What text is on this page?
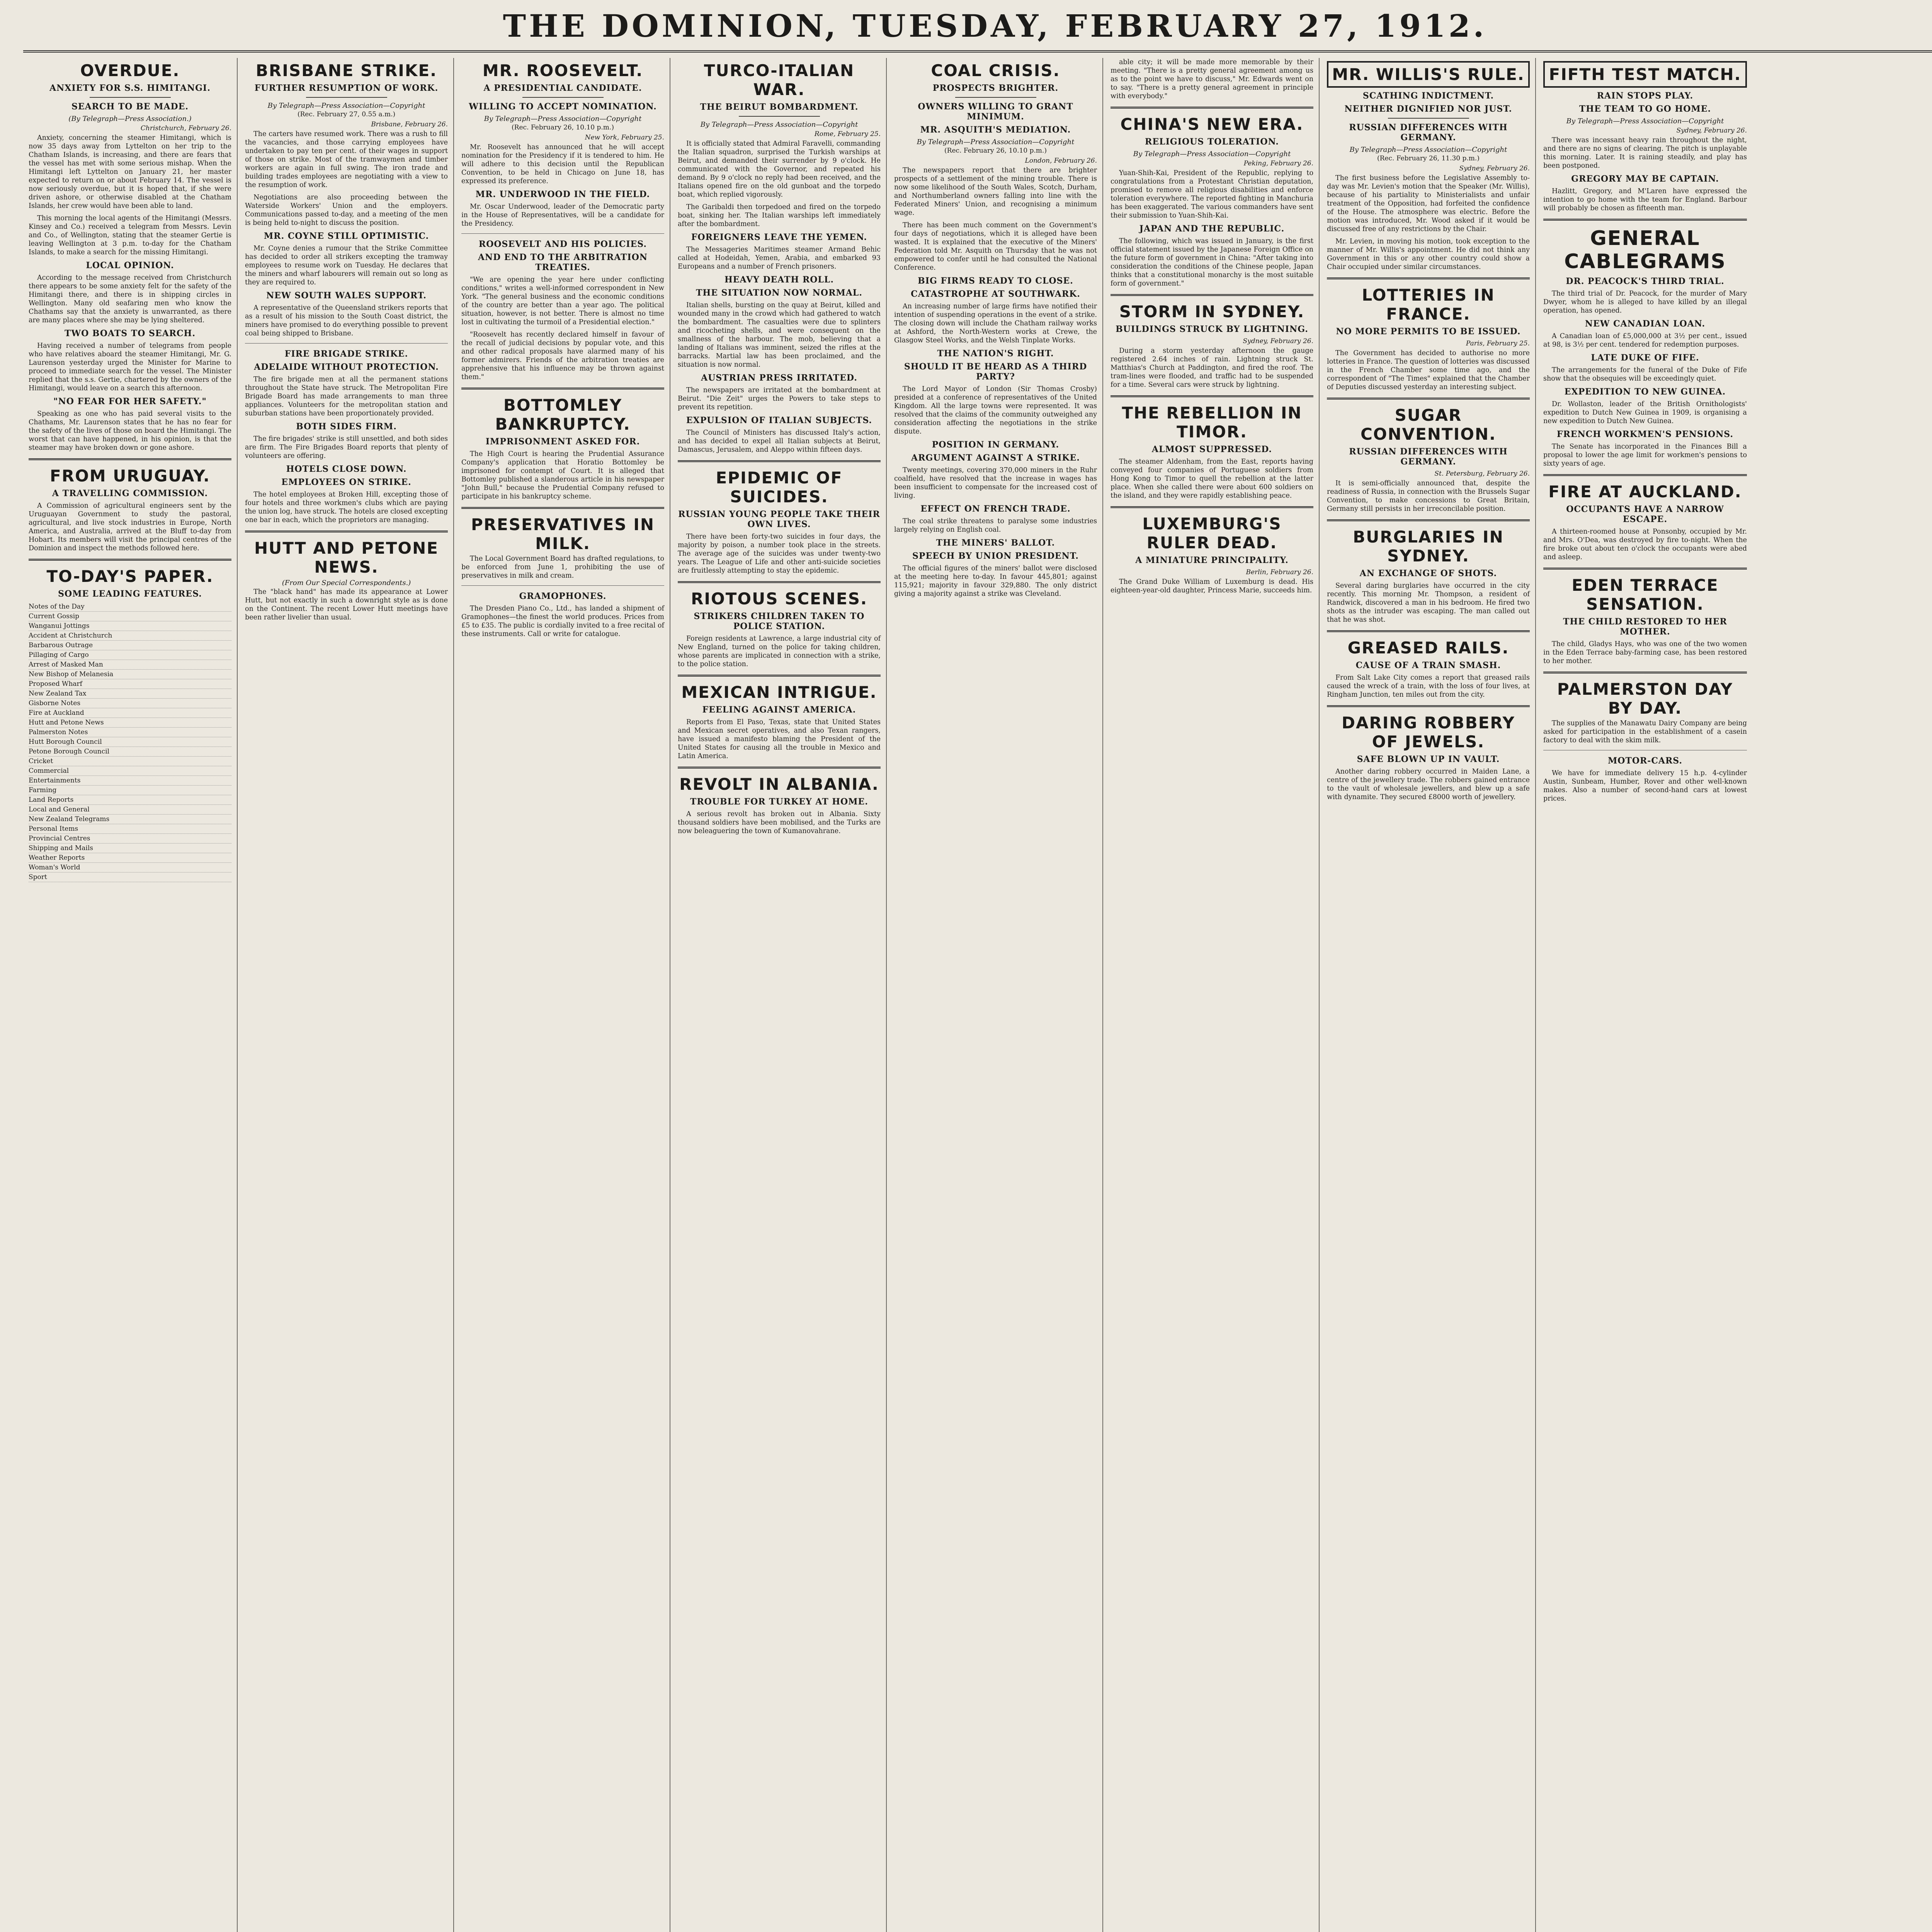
THE DOMINION, TUESDAY, FEBRUARY 27, 1912.
OVERDUE.
ANXIETY FOR S.S. HIMITANGI.
SEARCH TO BE MADE.
(By Telegraph—Press Association.)
Christchurch, February 26.

Anxiety, concerning the steamer Himitangi, which is now 35 days away from Lyttelton on her trip to the Chatham Islands, is increasing, and there are fears that the vessel has met with some serious mishap. When the Himitangi left Lyttelton on January 21, her master expected to return on or about February 14. The vessel is now seriously overdue, but it is hoped that, if she were driven ashore, or otherwise disabled at the Chatham Islands, her crew would have been able to land.

This morning the local agents of the Himitangi (Messrs. Kinsey and Co.) received a telegram from Messrs. Levin and Co., of Wellington, stating that the steamer Gertie is leaving Wellington at 3 p.m. to-day for the Chatham Islands, to make a search for the missing Himitangi.

LOCAL OPINION.

According to the message received from Christchurch there appears to be some anxiety felt for the safety of the Himitangi there, and there is in shipping circles in Wellington. Many old seafaring men who know the Chathams say that the anxiety is unwarranted, as there are many places where she may be lying sheltered.

TWO BOATS TO SEARCH.

Having received a number of telegrams from people who have relatives aboard the steamer Himitangi, Mr. G. Laurenson yesterday urged the Minister for Marine to proceed to immediate search for the vessel. The Minister replied that the s.s. Gertie, chartered by the owners of the Himitangi, would leave on a search this afternoon.

"NO FEAR FOR HER SAFETY."

Speaking as one who has paid several visits to the Chathams, Mr. Laurenson states that he has no fear for the safety of the lives of those on board the Himitangi. The worst that can have happened, in his opinion, is that the steamer may have broken down or gone ashore.

FROM URUGUAY.
A TRAVELLING COMMISSION.

A Commission of agricultural engineers sent by the Uruguayan Government to study the pastoral, agricultural, and live stock industries in Europe, North America, and Australia, arrived at the Bluff to-day from Hobart. Its members will visit the principal centres of the Dominion and inspect the methods followed here.

TO-DAY'S PAPER.
SOME LEADING FEATURES.
Notes of the Day
Current Gossip
Wanganui Jottings
Accident at Christchurch
Barbarous Outrage
Pillaging of Cargo
Arrest of Masked Man
New Bishop of Melanesia
Proposed Wharf
New Zealand Tax
Gisborne Notes
Fire at Auckland
Hutt and Petone News
Palmerston Notes
Hutt Borough Council
Petone Borough Council
Cricket
Commercial
Entertainments
Farming
Land Reports
Local and General
New Zealand Telegrams
Personal Items
Provincial Centres
Shipping and Mails
Weather Reports
Woman's World
Sport
BRISBANE STRIKE.
FURTHER RESUMPTION OF WORK.
By Telegraph—Press Association—Copyright
(Rec. February 27, 0.55 a.m.)
Brisbane, February 26.

The carters have resumed work. There was a rush to fill the vacancies, and those carrying employees have undertaken to pay ten per cent. of their wages in support of those on strike. Most of the tramwaymen and timber workers are again in full swing. The iron trade and building trades employees are negotiating with a view to the resumption of work.

Negotiations are also proceeding between the Waterside Workers' Union and the employers. Communications passed to-day, and a meeting of the men is being held to-night to discuss the position.

MR. COYNE STILL OPTIMISTIC.

Mr. Coyne denies a rumour that the Strike Committee has decided to order all strikers excepting the tramway employees to resume work on Tuesday. He declares that the miners and wharf labourers will remain out so long as they are required to.

NEW SOUTH WALES SUPPORT.

A representative of the Queensland strikers reports that as a result of his mission to the South Coast district, the miners have promised to do everything possible to prevent coal being shipped to Brisbane.

FIRE BRIGADE STRIKE.
ADELAIDE WITHOUT PROTECTION.

The fire brigade men at all the permanent stations throughout the State have struck. The Metropolitan Fire Brigade Board has made arrangements to man three appliances. Volunteers for the metropolitan station and suburban stations have been proportionately provided.

BOTH SIDES FIRM.

The fire brigades' strike is still unsettled, and both sides are firm. The Fire Brigades Board reports that plenty of volunteers are offering.

HOTELS CLOSE DOWN.
EMPLOYEES ON STRIKE.

The hotel employees at Broken Hill, excepting those of four hotels and three workmen's clubs which are paying the union log, have struck. The hotels are closed excepting one bar in each, which the proprietors are managing.

HUTT AND PETONE NEWS.
(From Our Special Correspondents.)

The "black hand" has made its appearance at Lower Hutt, but not exactly in such a downright style as is done on the Continent. The recent Lower Hutt meetings have been rather livelier than usual.

MR. ROOSEVELT.
A PRESIDENTIAL CANDIDATE.
WILLING TO ACCEPT NOMINATION.
By Telegraph—Press Association—Copyright
(Rec. February 26, 10.10 p.m.)
New York, February 25.

Mr. Roosevelt has announced that he will accept nomination for the Presidency if it is tendered to him. He will adhere to this decision until the Republican Convention, to be held in Chicago on June 18, has expressed its preference.

MR. UNDERWOOD IN THE FIELD.

Mr. Oscar Underwood, leader of the Democratic party in the House of Representatives, will be a candidate for the Presidency.

ROOSEVELT AND HIS POLICIES.
AND END TO THE ARBITRATION TREATIES.

"We are opening the year here under conflicting conditions," writes a well-informed correspondent in New York. "The general business and the economic conditions of the country are better than a year ago. The political situation, however, is not better. There is almost no time lost in cultivating the turmoil of a Presidential election."

"Roosevelt has recently declared himself in favour of the recall of judicial decisions by popular vote, and this and other radical proposals have alarmed many of his former admirers. Friends of the arbitration treaties are apprehensive that his influence may be thrown against them."

BOTTOMLEY BANKRUPTCY.
IMPRISONMENT ASKED FOR.

The High Court is hearing the Prudential Assurance Company's application that Horatio Bottomley be imprisoned for contempt of Court. It is alleged that Bottomley published a slanderous article in his newspaper "John Bull," because the Prudential Company refused to participate in his bankruptcy scheme.

PRESERVATIVES IN MILK.

The Local Government Board has drafted regulations, to be enforced from June 1, prohibiting the use of preservatives in milk and cream.

GRAMOPHONES.

The Dresden Piano Co., Ltd., has landed a shipment of Gramophones—the finest the world produces. Prices from £5 to £35. The public is cordially invited to a free recital of these instruments. Call or write for catalogue.

TURCO-ITALIAN WAR.
THE BEIRUT BOMBARDMENT.
By Telegraph—Press Association—Copyright
Rome, February 25.

It is officially stated that Admiral Faravelli, commanding the Italian squadron, surprised the Turkish warships at Beirut, and demanded their surrender by 9 o'clock. He communicated with the Governor, and repeated his demand. By 9 o'clock no reply had been received, and the Italians opened fire on the old gunboat and the torpedo boat, which replied vigorously.

The Garibaldi then torpedoed and fired on the torpedo boat, sinking her. The Italian warships left immediately after the bombardment.

FOREIGNERS LEAVE THE YEMEN.

The Messageries Maritimes steamer Armand Behic called at Hodeidah, Yemen, Arabia, and embarked 93 Europeans and a number of French prisoners.

HEAVY DEATH ROLL.
THE SITUATION NOW NORMAL.

Italian shells, bursting on the quay at Beirut, killed and wounded many in the crowd which had gathered to watch the bombardment. The casualties were due to splinters and ricocheting shells, and were consequent on the smallness of the harbour. The mob, believing that a landing of Italians was imminent, seized the rifles at the barracks. Martial law has been proclaimed, and the situation is now normal.

AUSTRIAN PRESS IRRITATED.

The newspapers are irritated at the bombardment at Beirut. "Die Zeit" urges the Powers to take steps to prevent its repetition.

EXPULSION OF ITALIAN SUBJECTS.

The Council of Ministers has discussed Italy's action, and has decided to expel all Italian subjects at Beirut, Damascus, Jerusalem, and Aleppo within fifteen days.

EPIDEMIC OF SUICIDES.
RUSSIAN YOUNG PEOPLE TAKE THEIR OWN LIVES.

There have been forty-two suicides in four days, the majority by poison, a number took place in the streets. The average age of the suicides was under twenty-two years. The League of Life and other anti-suicide societies are fruitlessly attempting to stay the epidemic.

RIOTOUS SCENES.
STRIKERS CHILDREN TAKEN TO POLICE STATION.

Foreign residents at Lawrence, a large industrial city of New England, turned on the police for taking children, whose parents are implicated in connection with a strike, to the police station.

MEXICAN INTRIGUE.
FEELING AGAINST AMERICA.

Reports from El Paso, Texas, state that United States and Mexican secret operatives, and also Texan rangers, have issued a manifesto blaming the President of the United States for causing all the trouble in Mexico and Latin America.

REVOLT IN ALBANIA.
TROUBLE FOR TURKEY AT HOME.

A serious revolt has broken out in Albania. Sixty thousand soldiers have been mobilised, and the Turks are now beleaguering the town of Kumanovahrane.

COAL CRISIS.
PROSPECTS BRIGHTER.
OWNERS WILLING TO GRANT MINIMUM.
MR. ASQUITH'S MEDIATION.
By Telegraph—Press Association—Copyright
(Rec. February 26, 10.10 p.m.)
London, February 26.

The newspapers report that there are brighter prospects of a settlement of the mining trouble. There is now some likelihood of the South Wales, Scotch, Durham, and Northumberland owners falling into line with the Federated Miners' Union, and recognising a minimum wage.

There has been much comment on the Government's four days of negotiations, which it is alleged have been wasted. It is explained that the executive of the Miners' Federation told Mr. Asquith on Thursday that he was not empowered to confer until he had consulted the National Conference.

BIG FIRMS READY TO CLOSE.
CATASTROPHE AT SOUTHWARK.

An increasing number of large firms have notified their intention of suspending operations in the event of a strike. The closing down will include the Chatham railway works at Ashford, the North-Western works at Crewe, the Glasgow Steel Works, and the Welsh Tinplate Works.

THE NATION'S RIGHT.
SHOULD IT BE HEARD AS A THIRD PARTY?

The Lord Mayor of London (Sir Thomas Crosby) presided at a conference of representatives of the United Kingdom. All the large towns were represented. It was resolved that the claims of the community outweighed any consideration affecting the negotiations in the strike dispute.

POSITION IN GERMANY.
ARGUMENT AGAINST A STRIKE.

Twenty meetings, covering 370,000 miners in the Ruhr coalfield, have resolved that the increase in wages has been insufficient to compensate for the increased cost of living.

EFFECT ON FRENCH TRADE.

The coal strike threatens to paralyse some industries largely relying on English coal.

THE MINERS' BALLOT.
SPEECH BY UNION PRESIDENT.

The official figures of the miners' ballot were disclosed at the meeting here to-day. In favour 445,801; against 115,921; majority in favour 329,880. The only district giving a majority against a strike was Cleveland.

able city; it will be made more memorable by their meeting. "There is a pretty general agreement among us as to the point we have to discuss," Mr. Edwards went on to say. "There is a pretty general agreement in principle with everybody."

CHINA'S NEW ERA.
RELIGIOUS TOLERATION.
By Telegraph—Press Association—Copyright
Peking, February 26.

Yuan-Shih-Kai, President of the Republic, replying to congratulations from a Protestant Christian deputation, promised to remove all religious disabilities and enforce toleration everywhere. The reported fighting in Manchuria has been exaggerated. The various commanders have sent their submission to Yuan-Shih-Kai.

JAPAN AND THE REPUBLIC.

The following, which was issued in January, is the first official statement issued by the Japanese Foreign Office on the future form of government in China: "After taking into consideration the conditions of the Chinese people, Japan thinks that a constitutional monarchy is the most suitable form of government."

STORM IN SYDNEY.
BUILDINGS STRUCK BY LIGHTNING.
Sydney, February 26.

During a storm yesterday afternoon the gauge registered 2.64 inches of rain. Lightning struck St. Matthias's Church at Paddington, and fired the roof. The tram-lines were flooded, and traffic had to be suspended for a time. Several cars were struck by lightning.

THE REBELLION IN TIMOR.
ALMOST SUPPRESSED.

The steamer Aldenham, from the East, reports having conveyed four companies of Portuguese soldiers from Hong Kong to Timor to quell the rebellion at the latter place. When she called there were about 600 soldiers on the island, and they were rapidly establishing peace.

LUXEMBURG'S RULER DEAD.
A MINIATURE PRINCIPALITY.
Berlin, February 26.

The Grand Duke William of Luxemburg is dead. His eighteen-year-old daughter, Princess Marie, succeeds him.

MR. WILLIS'S RULE.
SCATHING INDICTMENT.
NEITHER DIGNIFIED NOR JUST.
RUSSIAN DIFFERENCES WITH GERMANY.
By Telegraph—Press Association—Copyright
(Rec. February 26, 11.30 p.m.)
Sydney, February 26.

The first business before the Legislative Assembly to-day was Mr. Levien's motion that the Speaker (Mr. Willis), because of his partiality to Ministerialists and unfair treatment of the Opposition, had forfeited the confidence of the House. The atmosphere was electric. Before the motion was introduced, Mr. Wood asked if it would be discussed free of any restrictions by the Chair.

Mr. Levien, in moving his motion, took exception to the manner of Mr. Willis's appointment. He did not think any Government in this or any other country could show a Chair occupied under similar circumstances.

LOTTERIES IN FRANCE.
NO MORE PERMITS TO BE ISSUED.
Paris, February 25.

The Government has decided to authorise no more lotteries in France. The question of lotteries was discussed in the French Chamber some time ago, and the correspondent of "The Times" explained that the Chamber of Deputies discussed yesterday an interesting subject.

SUGAR CONVENTION.
RUSSIAN DIFFERENCES WITH GERMANY.
St. Petersburg, February 26.

It is semi-officially announced that, despite the readiness of Russia, in connection with the Brussels Sugar Convention, to make concessions to Great Britain, Germany still persists in her irreconcilable position.

BURGLARIES IN SYDNEY.
AN EXCHANGE OF SHOTS.

Several daring burglaries have occurred in the city recently. This morning Mr. Thompson, a resident of Randwick, discovered a man in his bedroom. He fired two shots as the intruder was escaping. The man called out that he was shot.

GREASED RAILS.
CAUSE OF A TRAIN SMASH.

From Salt Lake City comes a report that greased rails caused the wreck of a train, with the loss of four lives, at Ringham Junction, ten miles out from the city.

DARING ROBBERY OF JEWELS.
SAFE BLOWN UP IN VAULT.

Another daring robbery occurred in Maiden Lane, a centre of the jewellery trade. The robbers gained entrance to the vault of wholesale jewellers, and blew up a safe with dynamite. They secured £8000 worth of jewellery.

FIFTH TEST MATCH.
RAIN STOPS PLAY.
THE TEAM TO GO HOME.
By Telegraph—Press Association—Copyright
Sydney, February 26.

There was incessant heavy rain throughout the night, and there are no signs of clearing. The pitch is unplayable this morning. Later. It is raining steadily, and play has been postponed.

GREGORY MAY BE CAPTAIN.

Hazlitt, Gregory, and M'Laren have expressed the intention to go home with the team for England. Barbour will probably be chosen as fifteenth man.

GENERAL CABLEGRAMS
DR. PEACOCK'S THIRD TRIAL.

The third trial of Dr. Peacock, for the murder of Mary Dwyer, whom he is alleged to have killed by an illegal operation, has opened.

NEW CANADIAN LOAN.

A Canadian loan of £5,000,000 at 3½ per cent., issued at 98, is 3½ per cent. tendered for redemption purposes.

LATE DUKE OF FIFE.

The arrangements for the funeral of the Duke of Fife show that the obsequies will be exceedingly quiet.

EXPEDITION TO NEW GUINEA.

Dr. Wollaston, leader of the British Ornithologists' expedition to Dutch New Guinea in 1909, is organising a new expedition to Dutch New Guinea.

FRENCH WORKMEN'S PENSIONS.

The Senate has incorporated in the Finances Bill a proposal to lower the age limit for workmen's pensions to sixty years of age.

FIRE AT AUCKLAND.
OCCUPANTS HAVE A NARROW ESCAPE.

A thirteen-roomed house at Ponsonby, occupied by Mr. and Mrs. O'Dea, was destroyed by fire to-night. When the fire broke out about ten o'clock the occupants were abed and asleep.

EDEN TERRACE SENSATION.
THE CHILD RESTORED TO HER MOTHER.

The child, Gladys Hays, who was one of the two women in the Eden Terrace baby-farming case, has been restored to her mother.

PALMERSTON DAY BY DAY.

The supplies of the Manawatu Dairy Company are being asked for participation in the establishment of a casein factory to deal with the skim milk.

MOTOR-CARS.

We have for immediate delivery 15 h.p. 4-cylinder Austin, Sunbeam, Humber, Rover and other well-known makes. Also a number of second-hand cars at lowest prices.
